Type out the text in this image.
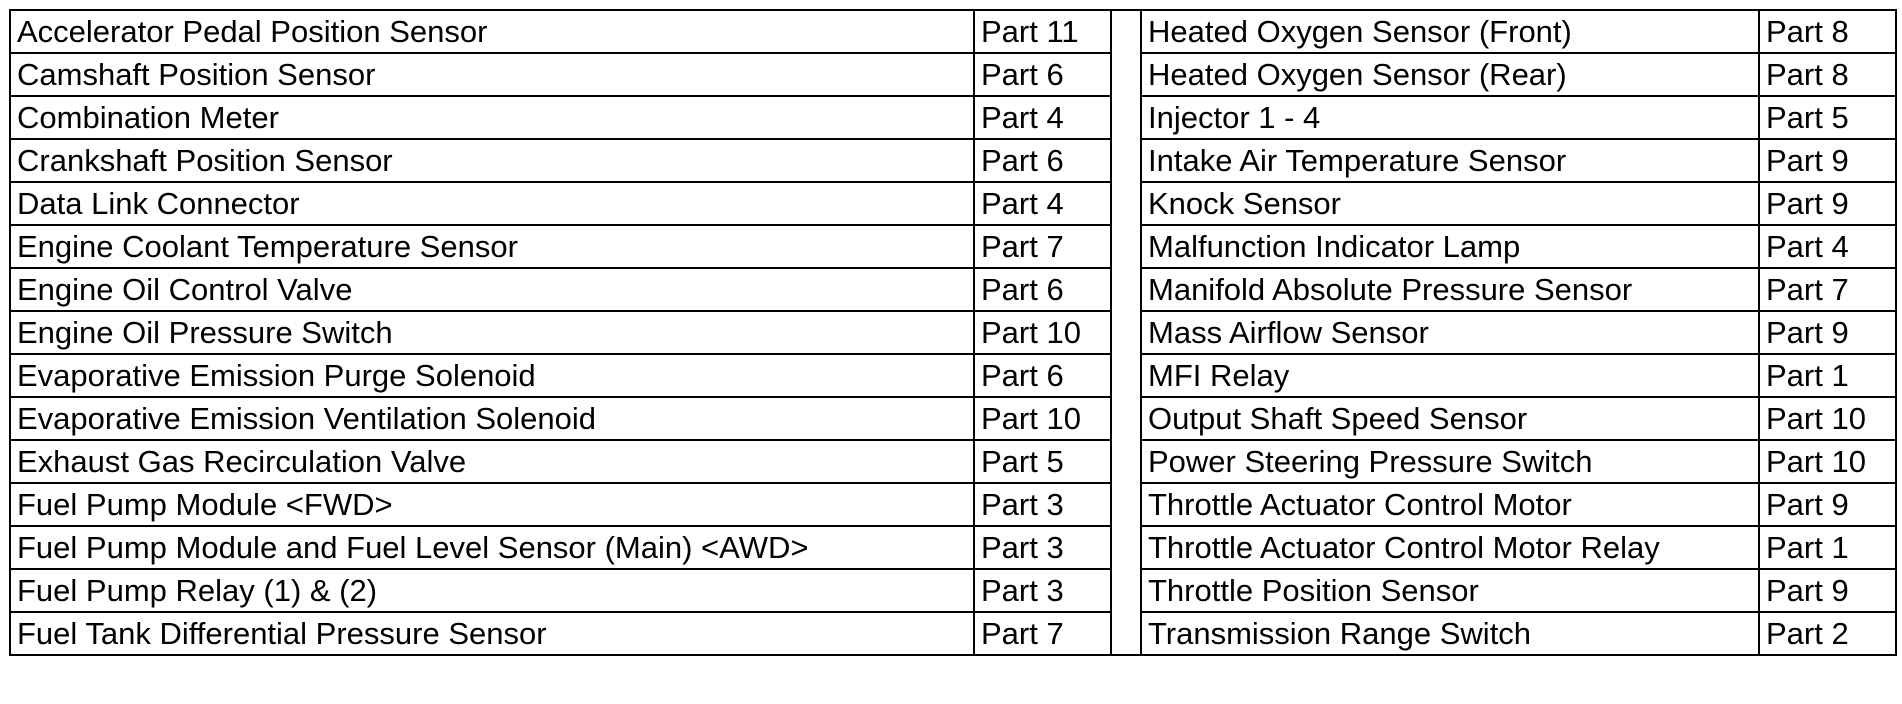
Accelerator Pedal Position Sensor	Part 11		Heated Oxygen Sensor (Front)	Part 8
Camshaft Position Sensor	Part 6		Heated Oxygen Sensor (Rear)	Part 8
Combination Meter	Part 4		Injector 1 - 4	Part 5
Crankshaft Position Sensor	Part 6		Intake Air Temperature Sensor	Part 9
Data Link Connector	Part 4		Knock Sensor	Part 9
Engine Coolant Temperature Sensor	Part 7		Malfunction Indicator Lamp	Part 4
Engine Oil Control Valve	Part 6		Manifold Absolute Pressure Sensor	Part 7
Engine Oil Pressure Switch	Part 10		Mass Airflow Sensor	Part 9
Evaporative Emission Purge Solenoid	Part 6		MFI Relay	Part 1
Evaporative Emission Ventilation Solenoid	Part 10		Output Shaft Speed Sensor	Part 10
Exhaust Gas Recirculation Valve	Part 5		Power Steering Pressure Switch	Part 10
Fuel Pump Module <FWD>	Part 3		Throttle Actuator Control Motor	Part 9
Fuel Pump Module and Fuel Level Sensor (Main) <AWD>	Part 3		Throttle Actuator Control Motor Relay	Part 1
Fuel Pump Relay (1) & (2)	Part 3		Throttle Position Sensor	Part 9
Fuel Tank Differential Pressure Sensor	Part 7		Transmission Range Switch	Part 2
